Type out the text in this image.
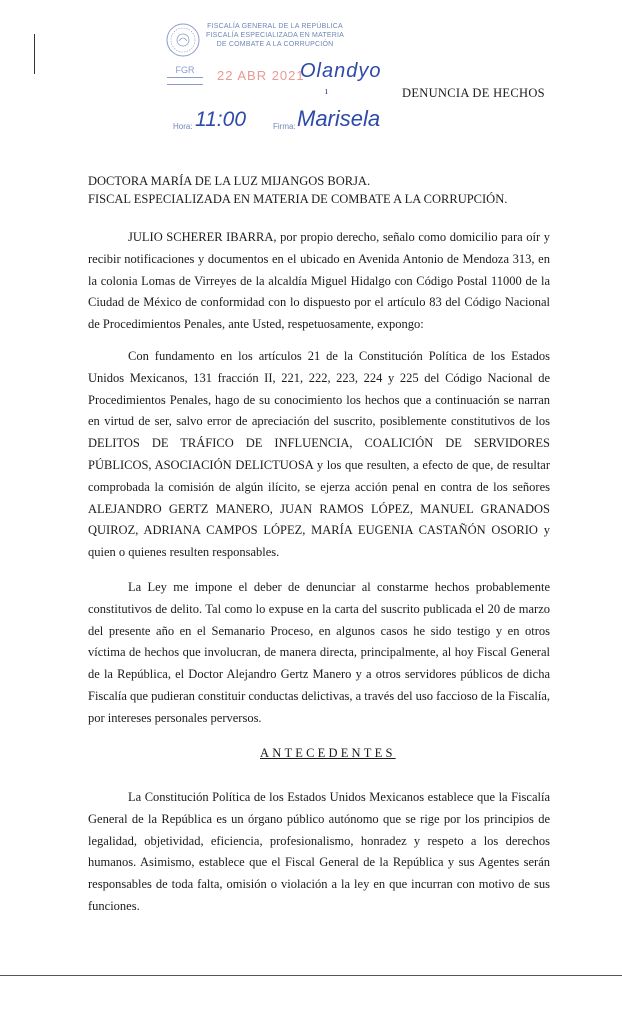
FISCALÍA GENERAL DE LA REPÚBLICA
FISCALÍA ESPECIALIZADA EN MATERIA
DE COMBATE A LA CORRUPCIÓN
FGR	22 ABR 2021
Olandyo
ı
Hora: 11:00	Firma: Marisela
DENUNCIA DE HECHOS
DOCTORA MARÍA DE LA LUZ MIJANGOS BORJA.
FISCAL ESPECIALIZADA EN MATERIA DE COMBATE A LA CORRUPCIÓN.

JULIO SCHERER IBARRA, por propio derecho, señalo como domicilio para oír y recibir notificaciones y documentos en el ubicado en Avenida Antonio de Mendoza 313, en la colonia Lomas de Virreyes de la alcaldía Miguel Hidalgo con Código Postal 11000 de la Ciudad de México de conformidad con lo dispuesto por el artículo 83 del Código Nacional de Procedimientos Penales, ante Usted, respetuosamente, expongo:

Con fundamento en los artículos 21 de la Constitución Política de los Estados Unidos Mexicanos, 131 fracción II, 221, 222, 223, 224 y 225 del Código Nacional de Procedimientos Penales, hago de su conocimiento los hechos que a continuación se narran en virtud de ser, salvo error de apreciación del suscrito, posiblemente constitutivos de los DELITOS DE TRÁFICO DE INFLUENCIA, COALICIÓN DE SERVIDORES PÚBLICOS, ASOCIACIÓN DELICTUOSA y los que resulten, a efecto de que, de resultar comprobada la comisión de algún ilícito, se ejerza acción penal en contra de los señores ALEJANDRO GERTZ MANERO, JUAN RAMOS LÓPEZ, MANUEL GRANADOS QUIROZ, ADRIANA CAMPOS LÓPEZ, MARÍA EUGENIA CASTAÑÓN OSORIO y quien o quienes resulten responsables.

La Ley me impone el deber de denunciar al constarme hechos probablemente constitutivos de delito. Tal como lo expuse en la carta del suscrito publicada el 20 de marzo del presente año en el Semanario Proceso, en algunos casos he sido testigo y en otros víctima de hechos que involucran, de manera directa, principalmente, al hoy Fiscal General de la República, el Doctor Alejandro Gertz Manero y a otros servidores públicos de dicha Fiscalía que pudieran constituir conductas delictivas, a través del uso faccioso de la Fiscalía, por intereses personales perversos.

ANTECEDENTES

La Constitución Política de los Estados Unidos Mexicanos establece que la Fiscalía General de la República es un órgano público autónomo que se rige por los principios de legalidad, objetividad, eficiencia, profesionalismo, honradez y respeto a los derechos humanos. Asimismo, establece que el Fiscal General de la República y sus Agentes serán responsables de toda falta, omisión o violación a la ley en que incurran con motivo de sus funciones.
